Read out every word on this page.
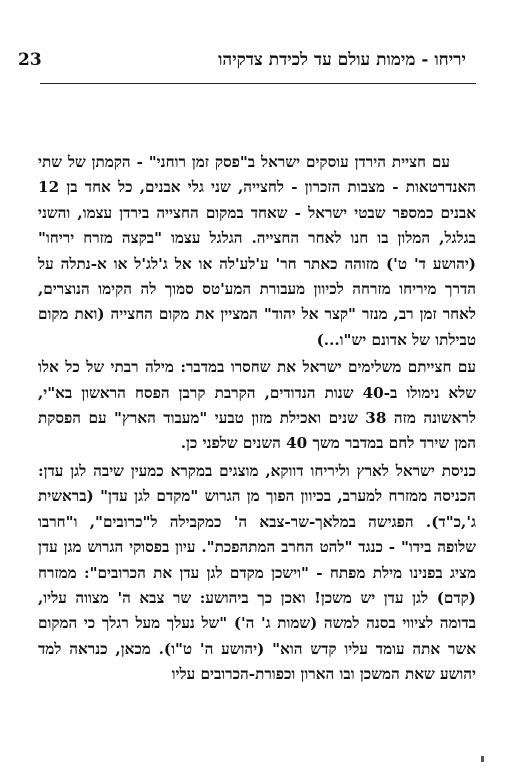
23	יריחו - מימות עולם עד לכידת צדקיהו

עם חציית הירדן עוסקים ישראל ב"פסק זמן רוחני" - הקמתן של שתי האנדרטאות - מצבות הזכרון - לחצייה, שני גלי אבנים, כל אחד בן 12 אבנים כמספר שבטי ישראל - שאחד במקום החצייה בירדן עצמו, והשני בגלגל, המלון בו חנו לאחר החצייה. הגלגל עצמו "בקצה מזרח יריחו" (יהושע ד' ט') מזוהה כאתר חר' ע'לע'לה או אל ג'לג'ל או א-נתלה על הדרך מיריחו מזרחה לכיוון מעבורת המע'טס סמוך לה הקימו הנוצרים, לאחר זמן רב, מנזר "קצר אל יהוד" המציין את מקום החצייה (ואת מקום טבילתו של אדונם יש"ו...)

עם חצייתם משלימים ישראל את שחסרו במדבר: מילה רבתי של כל אלו שלא נימולו ב-40 שנות הנדודים, הקרבת קרבן הפסח הראשון בא"י, לראשונה מזה 38 שנים ואכילת מזון טבעי "מעבוד הארץ" עם הפסקת המן שירד לחם במדבר משך 40 השנים שלפני כן.

כניסת ישראל לארץ וליריחו דווקא, מוצגים במקרא כמעין שיבה לגן עדן: הכניסה ממזרח למערב, בכיוון הפוך מן הגרוש "מקדם לגן עדן" (בראשית ג',כ"ד). הפגישה במלאך-שר-צבא ה' כמקבילה ל"כרובים", ו"חרבו שלופה בידו" - כנגד "להט החרב המתהפכת". עיון בפסוקי הגרוש מגן עדן מציג בפנינו מילת מפתח - "וישכן מקדם לגן עדן את הכרובים": ממזרח (קדם) לגן עדן יש משכן! ואכן כך ביהושע: שר צבא ה' מצווה עליו, בדומה לציווי בסנה למשה (שמות ג' ה') "של נעלך מעל רגלך כי המקום אשר אתה עומד עליו קדש הוא" (יהושע ה' ט"ו). מכאן, כנראה למד יהושע שאת המשכן ובו הארון וכפורת-הכרובים עליו
